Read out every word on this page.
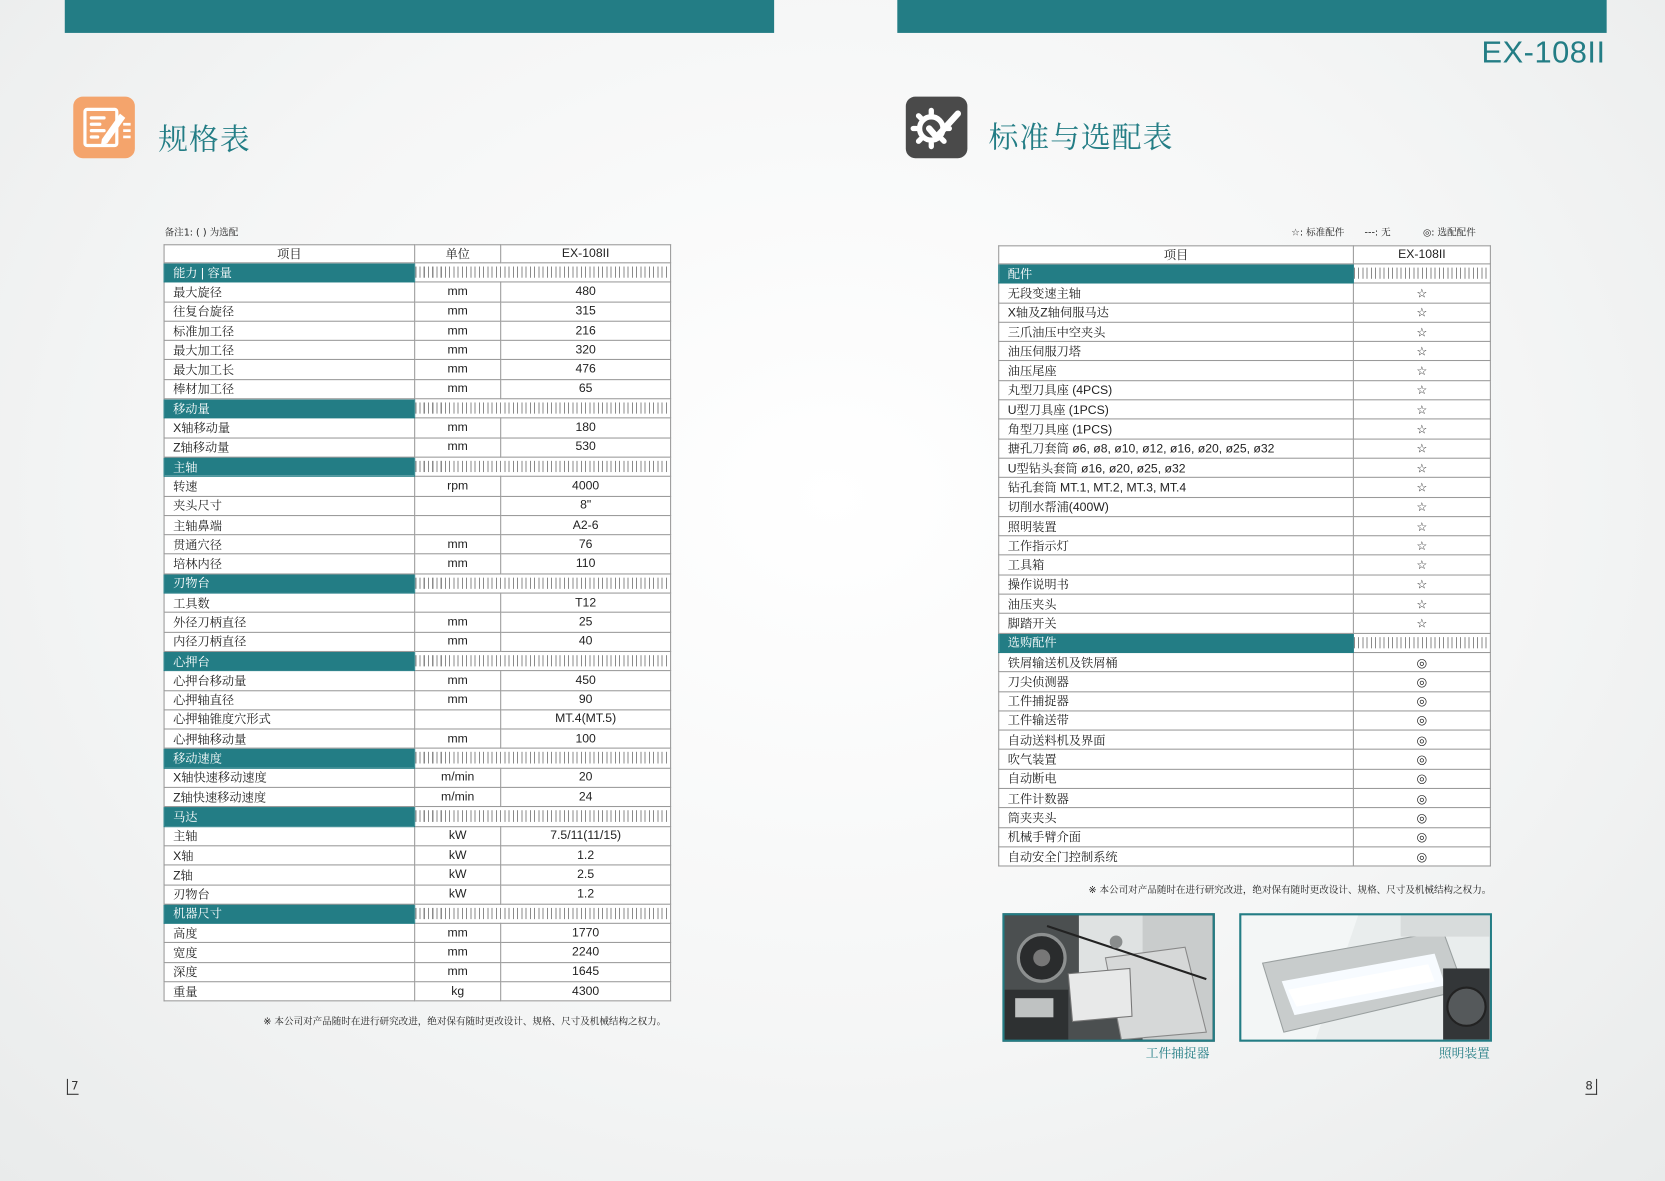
EX-108II
规格表
备注1: ( ) 为选配
项目	单位	EX-108II
能力 | 容量		
最大旋径	mm	480
往复台旋径	mm	315
标准加工径	mm	216
最大加工径	mm	320
最大加工长	mm	476
棒材加工径	mm	65
移动量		
X轴移动量	mm	180
Z轴移动量	mm	530
主轴		
转速	rpm	4000
夹头尺寸		8"
主轴鼻端		A2-6
贯通穴径	mm	76
培林内径	mm	110
刃物台		
工具数		T12
外径刀柄直径	mm	25
内径刀柄直径	mm	40
心押台		
心押台移动量	mm	450
心押轴直径	mm	90
心押轴锥度穴形式		MT.4(MT.5)
心押轴移动量	mm	100
移动速度		
X轴快速移动速度	m/min	20
Z轴快速移动速度	m/min	24
马达		
主轴	kW	7.5/11(11/15)
X轴	kW	1.2
Z轴	kW	2.5
刃物台	kW	1.2
机器尺寸		
高度	mm	1770
宽度	mm	2240
深度	mm	1645
重量	kg	4300
※ 本公司对产品随时在进行研究改进，绝对保有随时更改设计、规格、尺寸及机械结构之权力。
7
标准与选配表
☆: 标准配件 ---: 无	◎: 选配配件
项目	EX-108II
配件	
无段变速主轴	☆
X轴及Z轴伺服马达	☆
三爪油压中空夹头	☆
油压伺服刀塔	☆
油压尾座	☆
丸型刀具座 (4PCS)	☆
U型刀具座 (1PCS)	☆
角型刀具座 (1PCS)	☆
搪孔刀套筒 ø6, ø8, ø10, ø12, ø16, ø20, ø25, ø32	☆
U型钻头套筒 ø16, ø20, ø25, ø32	☆
钻孔套筒 MT.1, MT.2, MT.3, MT.4	☆
切削水帮浦(400W)	☆
照明装置	☆
工作指示灯	☆
工具箱	☆
操作说明书	☆
油压夹头	☆
脚踏开关	☆
选购配件	
铁屑输送机及铁屑桶	◎
刀尖侦测器	◎
工件捕捉器	◎
工件输送带	◎
自动送料机及界面	◎
吹气装置	◎
自动断电	◎
工件计数器	◎
筒夹夹头	◎
机械手臂介面	◎
自动安全门控制系统	◎
※ 本公司对产品随时在进行研究改进，绝对保有随时更改设计、规格、尺寸及机械结构之权力。
工件捕捉器	照明装置
8
